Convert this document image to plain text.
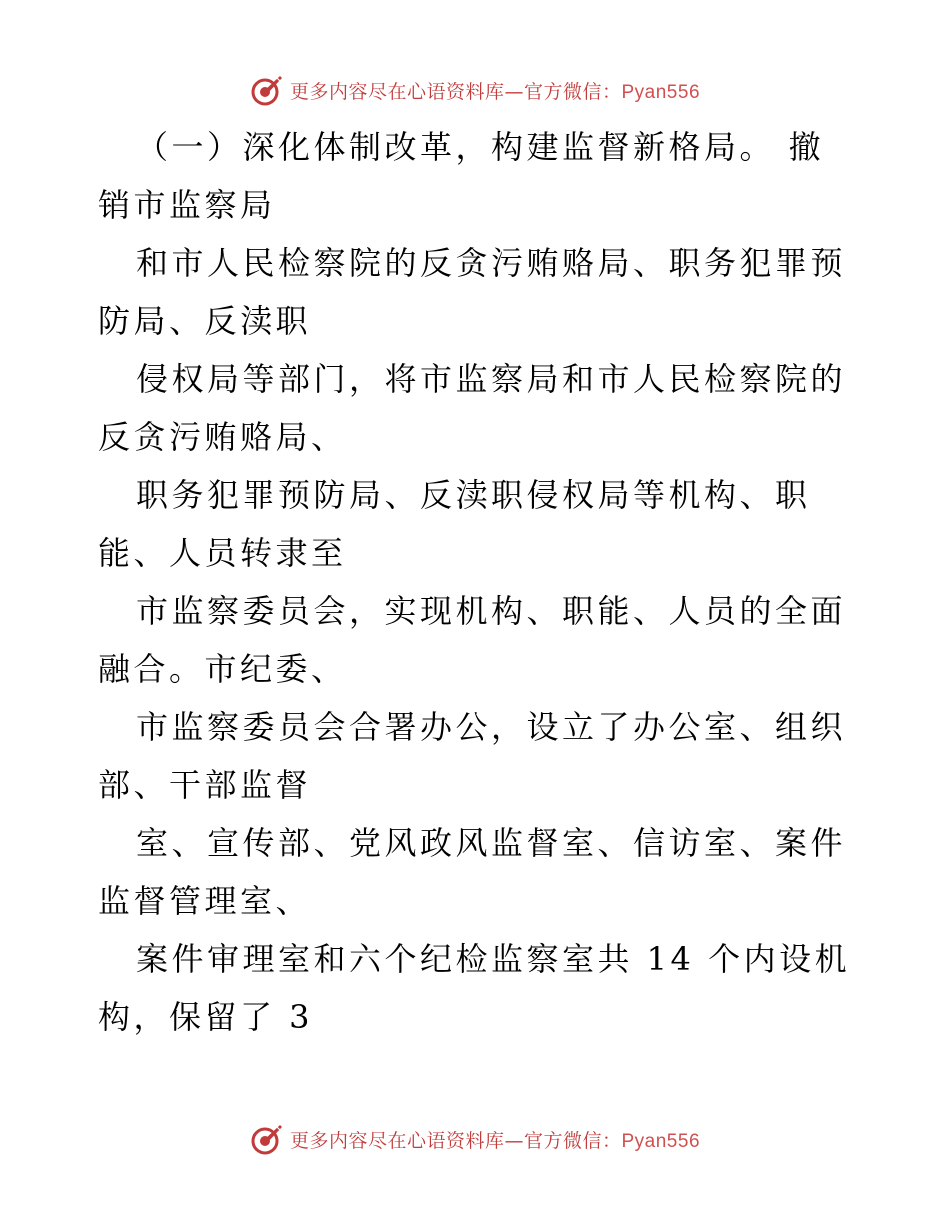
更多内容尽在心语资料库—官方微信：Pyan556

（一）深化体制改革，构建监督新格局。 撤销市监察局

和市人民检察院的反贪污贿赂局、职务犯罪预防局、反渎职

侵权局等部门，将市监察局和市人民检察院的反贪污贿赂局、

职务犯罪预防局、反渎职侵权局等机构、职能、人员转隶至

市监察委员会，实现机构、职能、人员的全面融合。市纪委、

市监察委员会合署办公，设立了办公室、组织部、干部监督

室、宣传部、党风政风监督室、信访室、案件监督管理室、

案件审理室和六个纪检监察室共 14 个内设机构，保留了 3

更多内容尽在心语资料库—官方微信：Pyan556
